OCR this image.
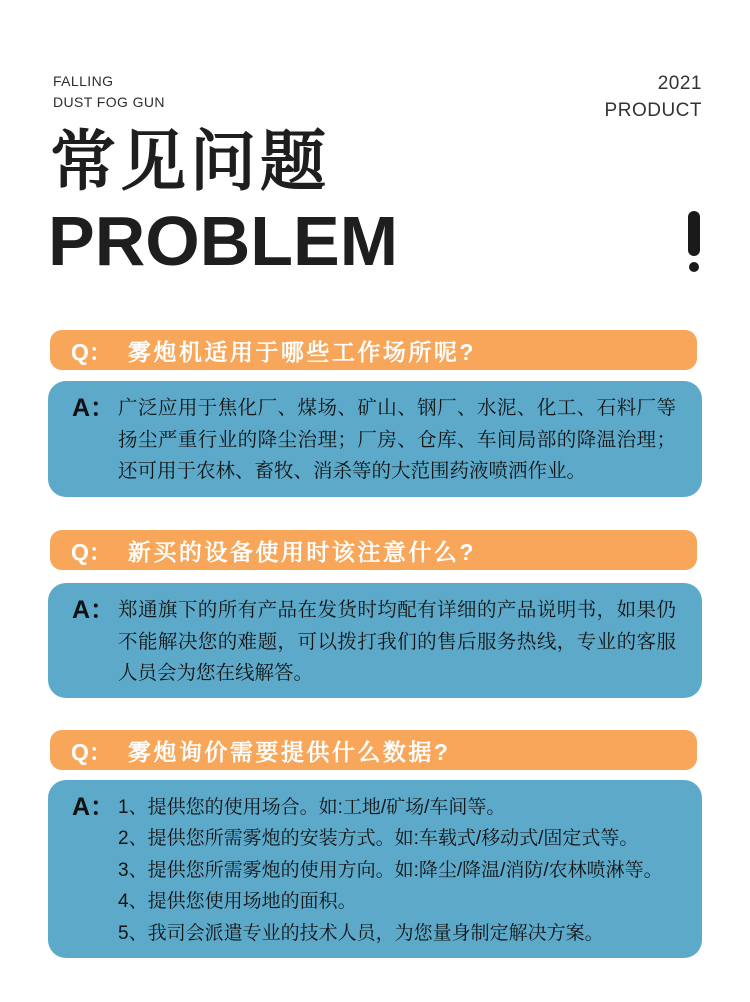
FALLING
DUST FOG GUN
2021
PRODUCT
常见问题
PROBLEM
Q： 雾炮机适用于哪些工作场所呢?
A： 广泛应用于焦化厂、煤场、矿山、钢厂、水泥、化工、石料厂等扬尘严重行业的降尘治理；厂房、仓库、车间局部的降温治理；还可用于农林、畜牧、消杀等的大范围药液喷洒作业。
Q： 新买的设备使用时该注意什么?
A： 郑通旗下的所有产品在发货时均配有详细的产品说明书，如果仍不能解决您的难题，可以拨打我们的售后服务热线，专业的客服人员会为您在线解答。
Q： 雾炮询价需要提供什么数据?
A： 1、提供您的使用场合。如:工地/矿场/车间等。
2、提供您所需雾炮的安装方式。如:车载式/移动式/固定式等。
3、提供您所需雾炮的使用方向。如:降尘/降温/消防/农林喷淋等。
4、提供您使用场地的面积。
5、我司会派遣专业的技术人员，为您量身制定解决方案。
